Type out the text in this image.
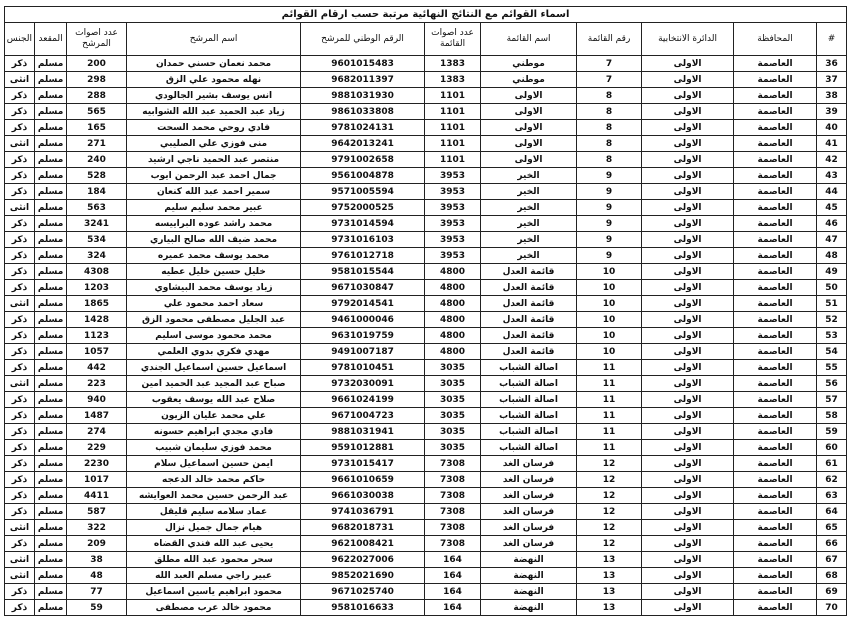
اسماء القوائم مع النتائج النهائية مرتبة حسب ارقام القوائم										
#	المحافظة	الدائرة الانتخابية	رقم القائمة	اسم القائمة	عدد اصوات القائمة	الرقم الوطني للمرشح	اسم المرشح	عدد اصوات المرشح	المقعد	الجنس
36	العاصمة	الاولى	7	موطني	1383	9601015483	محمد نعمان حسني حمدان	200	مسلم	ذكر
37	العاصمة	الاولى	7	موطني	1383	9682011397	نهله محمود علي الزق	298	مسلم	انثى
38	العاصمة	الاولى	8	الاولى	1101	9881031930	انس يوسف بشير الجالودي	288	مسلم	ذكر
39	العاصمة	الاولى	8	الاولى	1101	9861033808	زياد عبد الحميد عبد الله الشوابيه	565	مسلم	ذكر
40	العاصمة	الاولى	8	الاولى	1101	9781024131	فادي روحي محمد السحت	165	مسلم	ذكر
41	العاصمة	الاولى	8	الاولى	1101	9642013241	منى فوزي علي الصليبي	271	مسلم	انثى
42	العاصمة	الاولى	8	الاولى	1101	9791002658	منتصر عبد الحميد ناجي ارشيد	240	مسلم	ذكر
43	العاصمة	الاولى	9	الخير	3953	9561004878	جمال احمد عبد الرحمن ايوب	528	مسلم	ذكر
44	العاصمة	الاولى	9	الخير	3953	9571005594	سمير احمد عبد الله كنعان	184	مسلم	ذكر
45	العاصمة	الاولى	9	الخير	3953	9752000525	عبير محمد سليم سليم	563	مسلم	انثى
46	العاصمة	الاولى	9	الخير	3953	9731014594	محمد راشد عوده البراييسه	3241	مسلم	ذكر
47	العاصمة	الاولى	9	الخير	3953	9731016103	محمد ضيف الله صالح البياري	534	مسلم	ذكر
48	العاصمة	الاولى	9	الخير	3953	9761012718	محمد يوسف محمد عميره	324	مسلم	ذكر
49	العاصمة	الاولى	10	قائمة العدل	4800	9581015544	خليل حسين خليل عطيه	4308	مسلم	ذكر
50	العاصمة	الاولى	10	قائمة العدل	4800	9671030847	زياد يوسف محمد البيشاوي	1203	مسلم	ذكر
51	العاصمة	الاولى	10	قائمة العدل	4800	9792014541	سعاد احمد محمود علي	1865	مسلم	انثى
52	العاصمة	الاولى	10	قائمة العدل	4800	9461000046	عبد الجليل مصطفى محمود الزق	1428	مسلم	ذكر
53	العاصمة	الاولى	10	قائمة العدل	4800	9631019759	محمد محمود موسى اسليم	1123	مسلم	ذكر
54	العاصمة	الاولى	10	قائمة العدل	4800	9491007187	مهدي فكري بدوي العلمي	1057	مسلم	ذكر
55	العاصمة	الاولى	11	اصالة الشباب	3035	9781010451	اسماعيل حسين اسماعيل الجندي	442	مسلم	ذكر
56	العاصمة	الاولى	11	اصالة الشباب	3035	9732030091	صباح عبد المجيد عبد الحميد امين	223	مسلم	انثى
57	العاصمة	الاولى	11	اصالة الشباب	3035	9661024199	صلاح عبد الله يوسف يعقوب	940	مسلم	ذكر
58	العاصمة	الاولى	11	اصالة الشباب	3035	9671004723	علي محمد عليان الزيون	1487	مسلم	ذكر
59	العاصمة	الاولى	11	اصالة الشباب	3035	9881031941	فادي مجدي ابراهيم حسونه	274	مسلم	ذكر
60	العاصمة	الاولى	11	اصالة الشباب	3035	9591012881	محمد فوزي سليمان شبيب	229	مسلم	ذكر
61	العاصمة	الاولى	12	فرسان الغد	7308	9731015417	ايمن حسين اسماعيل سلام	2230	مسلم	ذكر
62	العاصمة	الاولى	12	فرسان الغد	7308	9661010659	حاكم محمد خالد الدعجه	1017	مسلم	ذكر
63	العاصمة	الاولى	12	فرسان الغد	7308	9661030038	عبد الرحمن حسين محمد العوايشه	4411	مسلم	ذكر
64	العاصمة	الاولى	12	فرسان الغد	7308	9741036791	عماد سلامه سليم قليقل	587	مسلم	ذكر
65	العاصمة	الاولى	12	فرسان الغد	7308	9682018731	هيام جمال جميل نزال	322	مسلم	انثى
66	العاصمة	الاولى	12	فرسان الغد	7308	9621008421	يحيى عبد الله فندي القضاه	209	مسلم	ذكر
67	العاصمة	الاولى	13	النهضة	164	9622027006	سحر محمود عبد الله مطلق	38	مسلم	انثى
68	العاصمة	الاولى	13	النهضة	164	9852021690	عبير راجي مسلم العبد الله	48	مسلم	انثى
69	العاصمة	الاولى	13	النهضة	164	9671025740	محمود ابراهيم ياسين اسماعيل	77	مسلم	ذكر
70	العاصمة	الاولى	13	النهضة	164	9581016633	محمود خالد عرب مصطفى	59	مسلم	ذكر
